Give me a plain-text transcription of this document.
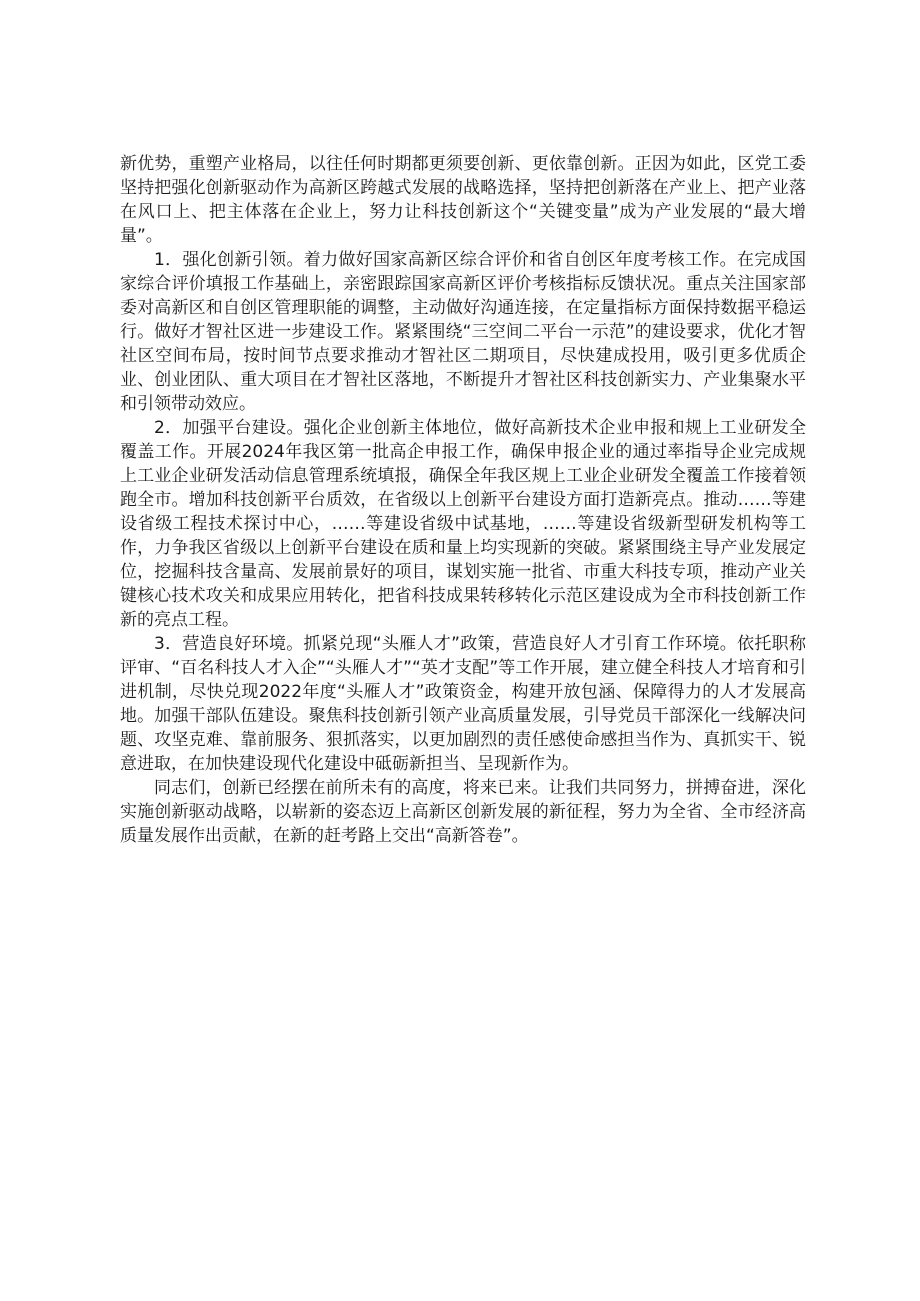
新优势，重塑产业格局，以往任何时期都更须要创新、更依靠创新。正因为如此，区党工委坚持把强化创新驱动作为高新区跨越式发展的战略选择，坚持把创新落在产业上、把产业落在风口上、把主体落在企业上，努力让科技创新这个“关键变量”成为产业发展的“最大增量”。

1．强化创新引领。着力做好国家高新区综合评价和省自创区年度考核工作。在完成国家综合评价填报工作基础上，亲密跟踪国家高新区评价考核指标反馈状况。重点关注国家部委对高新区和自创区管理职能的调整，主动做好沟通连接，在定量指标方面保持数据平稳运行。做好才智社区进一步建设工作。紧紧围绕“三空间二平台一示范”的建设要求，优化才智社区空间布局，按时间节点要求推动才智社区二期项目，尽快建成投用，吸引更多优质企业、创业团队、重大项目在才智社区落地，不断提升才智社区科技创新实力、产业集聚水平和引领带动效应。

2．加强平台建设。强化企业创新主体地位，做好高新技术企业申报和规上工业研发全覆盖工作。开展2024年我区第一批高企申报工作，确保申报企业的通过率指导企业完成规上工业企业研发活动信息管理系统填报，确保全年我区规上工业企业研发全覆盖工作接着领跑全市。增加科技创新平台质效，在省级以上创新平台建设方面打造新亮点。推动……等建设省级工程技术探讨中心，……等建设省级中试基地，……等建设省级新型研发机构等工作，力争我区省级以上创新平台建设在质和量上均实现新的突破。紧紧围绕主导产业发展定位，挖掘科技含量高、发展前景好的项目，谋划实施一批省、市重大科技专项，推动产业关键核心技术攻关和成果应用转化，把省科技成果转移转化示范区建设成为全市科技创新工作新的亮点工程。

3．营造良好环境。抓紧兑现“头雁人才”政策，营造良好人才引育工作环境。依托职称评审、“百名科技人才入企”“头雁人才”“英才支配”等工作开展，建立健全科技人才培育和引进机制，尽快兑现2022年度“头雁人才”政策资金，构建开放包涵、保障得力的人才发展高地。加强干部队伍建设。聚焦科技创新引领产业高质量发展，引导党员干部深化一线解决问题、攻坚克难、靠前服务、狠抓落实，以更加剧烈的责任感使命感担当作为、真抓实干、锐意进取，在加快建设现代化建设中砥砺新担当、呈现新作为。

同志们，创新已经摆在前所未有的高度，将来已来。让我们共同努力，拼搏奋进，深化实施创新驱动战略，以崭新的姿态迈上高新区创新发展的新征程，努力为全省、全市经济高质量发展作出贡献，在新的赶考路上交出“高新答卷”。
